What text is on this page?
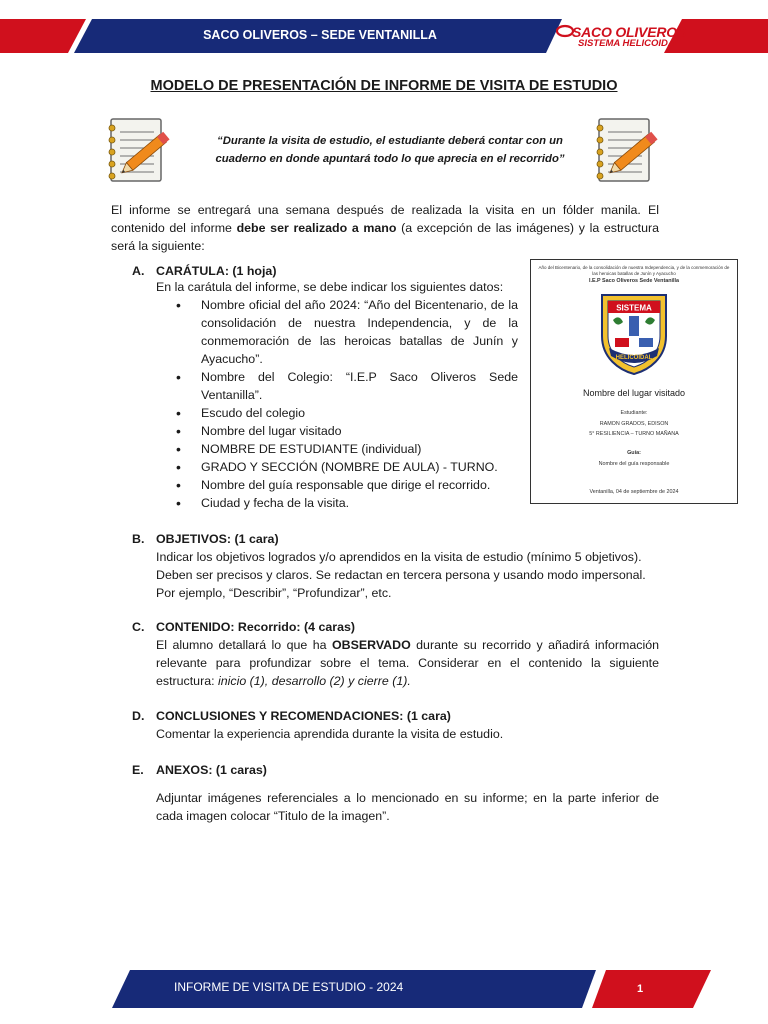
SACO OLIVEROS – SEDE VENTANILLA	SACO OLIVEROS
SISTEMA HELICOIDAL
MODELO DE PRESENTACIÓN DE INFORME DE VISITA DE ESTUDIO
“Durante la visita de estudio, el estudiante deberá contar con un
cuaderno en donde apuntará todo lo que aprecia en el recorrido”
El informe se entregará una semana después de realizada la visita en un fólder manila. El contenido del informe debe ser realizado a mano (a excepción de las imágenes) y la estructura será la siguiente:
A. CARÁTULA: (1 hoja)
En la carátula del informe, se debe indicar los siguientes datos:
• Nombre oficial del año 2024: “Año del Bicentenario, de la consolidación de nuestra Independencia, y de la conmemoración de las heroicas batallas de Junín y Ayacucho”.
• Nombre del Colegio: “I.E.P Saco Oliveros Sede Ventanilla”.
• Escudo del colegio
• Nombre del lugar visitado
• NOMBRE DE ESTUDIANTE (individual)
• GRADO Y SECCIÓN (NOMBRE DE AULA) - TURNO.
• Nombre del guía responsable que dirige el recorrido.
• Ciudad y fecha de la visita.
Año del Bicentenario, de la consolidación de nuestra Independencia, y de la conmemoración de las heroicas batallas de Junín y Ayacucho
I.E.P Saco Oliveros Sede Ventanilla
SISTEMA
HELICOIDAL
Nombre del lugar visitado
Estudiante:
RAMON GRADOS, EDISON
5° RESILIENCIA – TURNO MAÑANA
Guía:
Nombre del guía responsable
Ventanilla, 04 de septiembre de 2024
B. OBJETIVOS: (1 cara)
Indicar los objetivos logrados y/o aprendidos en la visita de estudio (mínimo 5 objetivos).
Deben ser precisos y claros. Se redactan en tercera persona y usando modo impersonal.
Por ejemplo, “Describir”, “Profundizar”, etc.
C. CONTENIDO: Recorrido: (4 caras)
El alumno detallará lo que ha OBSERVADO durante su recorrido y añadirá información relevante para profundizar sobre el tema. Considerar en el contenido la siguiente estructura: inicio (1), desarrollo (2) y cierre (1).
D. CONCLUSIONES Y RECOMENDACIONES: (1 cara)
Comentar la experiencia aprendida durante la visita de estudio.
E. ANEXOS: (1 caras)
Adjuntar imágenes referenciales a lo mencionado en su informe; en la parte inferior de cada imagen colocar “Titulo de la imagen”.
INFORME DE VISITA DE ESTUDIO - 2024	1
